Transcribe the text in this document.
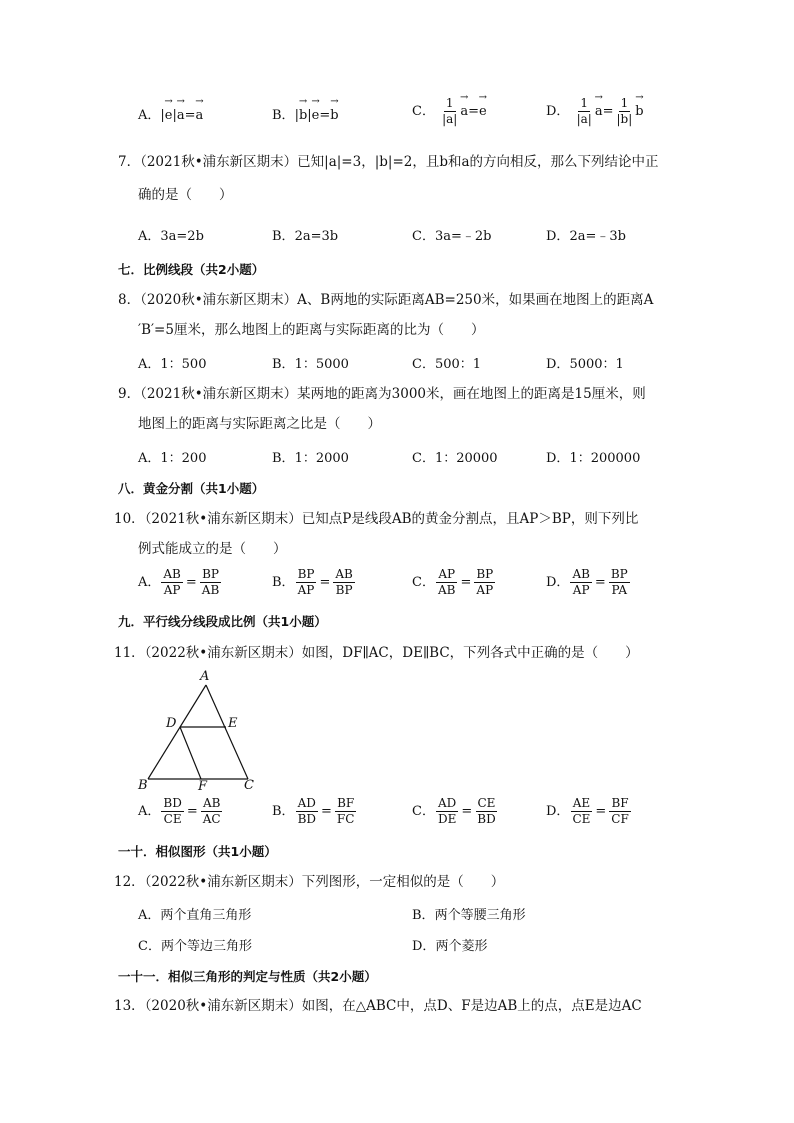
A．|→ e|→ a=→ a	B．|→ b|→ e=→ b	C． $\frac{1}{|a|}$
→ a=→ e	D． $\frac{1}{|a|}$
→ $a= \frac{1}{|b|}$
→ b
7．（2021秋•浦东新区期末）已知|a|=3，|b|=2，且b和a的方向相反，那么下列结论中正
确的是（　　）
A．3a=2b	B．2a=3b	C．3a=﹣2b	D．2a=﹣3b
七．比例线段（共2小题）
8．（2020秋•浦东新区期末）A、B两地的实际距离AB=250米，如果画在地图上的距离A
′B′=5厘米，那么地图上的距离与实际距离的比为（　　）
A．1：500	B．1：5000	C．500：1	D．5000：1
9．（2021秋•浦东新区期末）某两地的距离为3000米，画在地图上的距离是15厘米，则
地图上的距离与实际距离之比是（　　）
A．1：200	B．1：2000	C．1：20000	D．1：200000
八．黄金分割（共1小题）
10．（2021秋•浦东新区期末）已知点P是线段AB的黄金分割点，且AP＞BP，则下列比
例式能成立的是（　　）
A． $\frac{AB}{AP} = \frac{BP}{AB}$	B． $\frac{BP}{AP} = \frac{AB}{BP}$	C． $\frac{AP}{AB} = \frac{BP}{AP}$	D． $\frac{AB}{AP} = \frac{BP}{PA}$
九．平行线分线段成比例（共1小题）
11．（2022秋•浦东新区期末）如图，DF∥AC，DE∥BC，下列各式中正确的是（　　）
A
B	C
D	E
F
A． $\frac{BD}{CE} = \frac{AB}{AC}$	B． $\frac{AD}{BD} = \frac{BF}{FC}$	C． $\frac{AD}{DE} = \frac{CE}{BD}$	D． $\frac{AE}{CE} = \frac{BF}{CF}$
一十．相似图形（共1小题）
12．（2022秋•浦东新区期末）下列图形，一定相似的是（　　）
A．两个直角三角形	B．两个等腰三角形
C．两个等边三角形	D．两个菱形
一十一．相似三角形的判定与性质（共2小题）
13．（2020秋•浦东新区期末）如图，在△ABC中，点D、F是边AB上的点，点E是边AC
